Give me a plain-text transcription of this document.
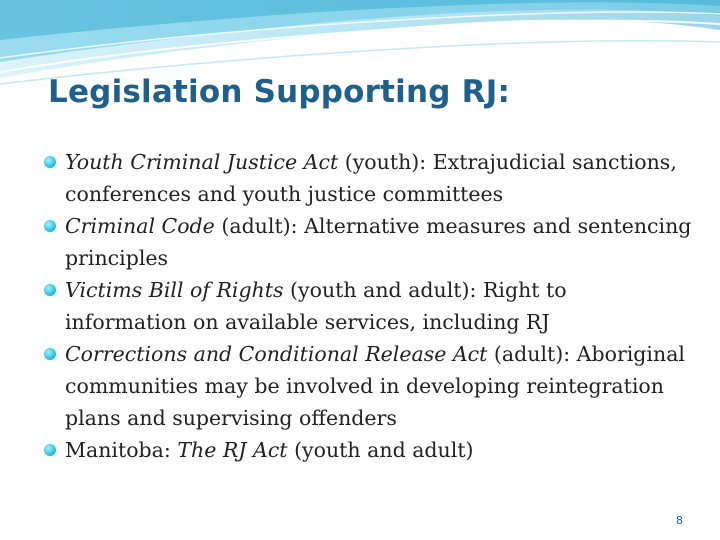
Legislation Supporting RJ:
Youth Criminal Justice Act (youth): Extrajudicial sanctions, conferences and youth justice committees
Criminal Code (adult): Alternative measures and sentencing principles
Victims Bill of Rights (youth and adult): Right to information on available services, including RJ
Corrections and Conditional Release Act (adult): Aboriginal communities may be involved in developing reintegration plans and supervising offenders
Manitoba: The RJ Act (youth and adult)
8
